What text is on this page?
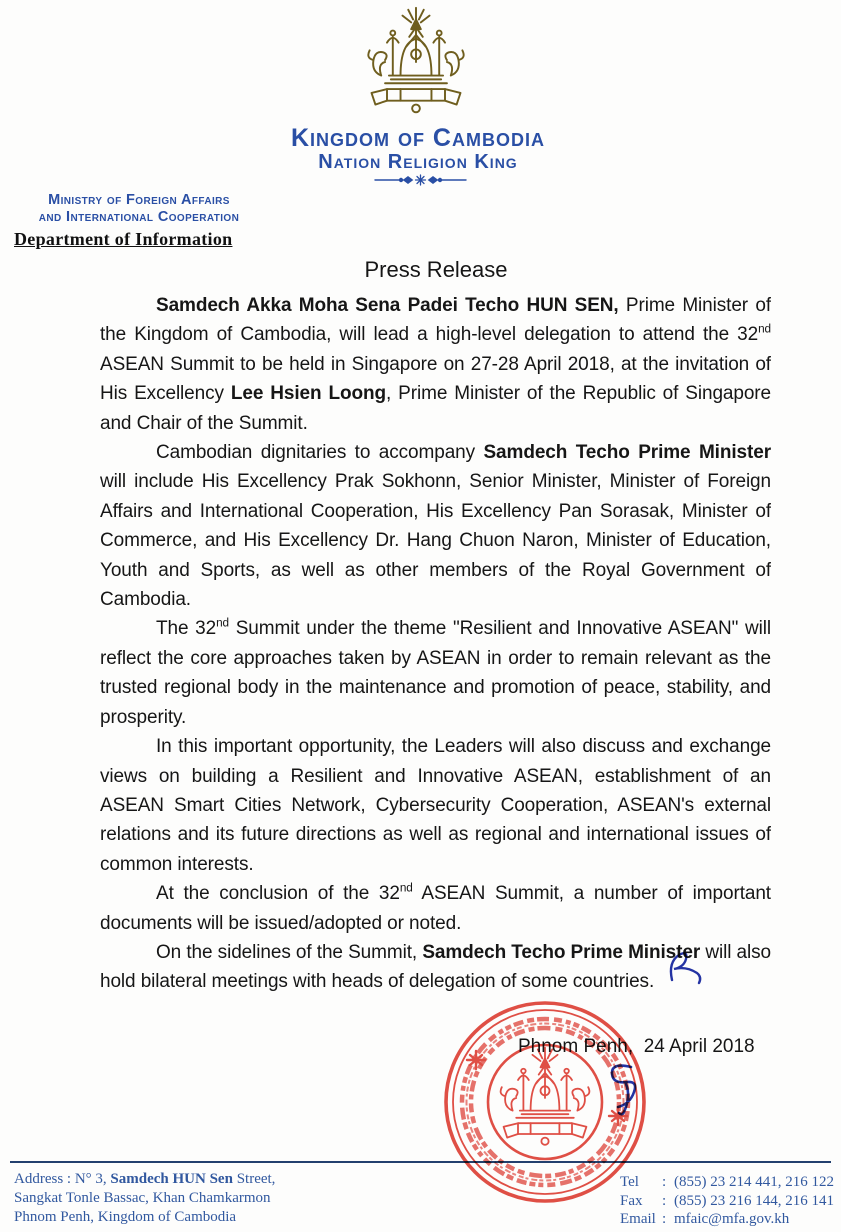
Kingdom of Cambodia
Nation Religion King
Ministry of Foreign Affairs
and International Cooperation
Department of Information
Press Release

Samdech Akka Moha Sena Padei Techo HUN SEN, Prime Minister of the Kingdom of Cambodia, will lead a high-level delegation to attend the 32nd ASEAN Summit to be held in Singapore on 27-28 April 2018, at the invitation of His Excellency Lee Hsien Loong, Prime Minister of the Republic of Singapore and Chair of the Summit.

Cambodian dignitaries to accompany Samdech Techo Prime Minister will include His Excellency Prak Sokhonn, Senior Minister, Minister of Foreign Affairs and International Cooperation, His Excellency Pan Sorasak, Minister of Commerce, and His Excellency Dr. Hang Chuon Naron, Minister of Education, Youth and Sports, as well as other members of the Royal Government of Cambodia.

The 32nd Summit under the theme "Resilient and Innovative ASEAN" will reflect the core approaches taken by ASEAN in order to remain relevant as the trusted regional body in the maintenance and promotion of peace, stability, and prosperity.

In this important opportunity, the Leaders will also discuss and exchange views on building a Resilient and Innovative ASEAN, establishment of an ASEAN Smart Cities Network, Cybersecurity Cooperation, ASEAN's external relations and its future directions as well as regional and international issues of common interests.

At the conclusion of the 32nd ASEAN Summit, a number of important documents will be issued/adopted or noted.

On the sidelines of the Summit, Samdech Techo Prime Minister will also hold bilateral meetings with heads of delegation of some countries.

Phnom Penh,  24 April 2018
Address : N° 3, Samdech HUN Sen Street,
Sangkat Tonle Bassac, Khan Chamkarmon
Phnom Penh, Kingdom of Cambodia
Tel	: (855) 23 214 441, 216 122
Fax	: (855) 23 216 144, 216 141
Email : mfaic@mfa.gov.kh
